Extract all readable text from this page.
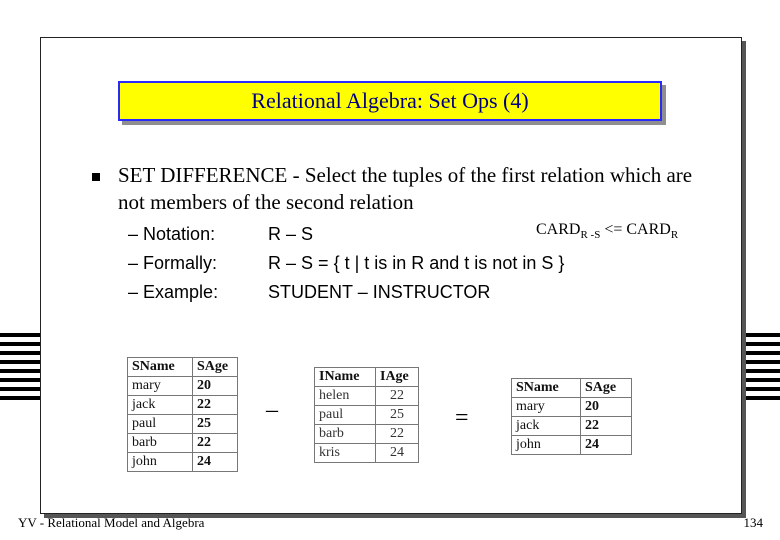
Relational Algebra: Set Ops (4)
SET DIFFERENCE - Select the tuples of the first relation which are not members of the second relation
$CARD_{R -S}$ <= $CARD_R$
– Notation:	R – S
– Formally:	R – S = { t | t is in R and t is not in S }
– Example:	STUDENT – INSTRUCTOR
SName	SAge
mary	20
jack	22
paul	25
barb	22
john	24
–
IName	IAge
helen	22
paul	25
barb	22
kris	24
=
SName	SAge
mary	20
jack	22
john	24
YV - Relational Model and Algebra	134
